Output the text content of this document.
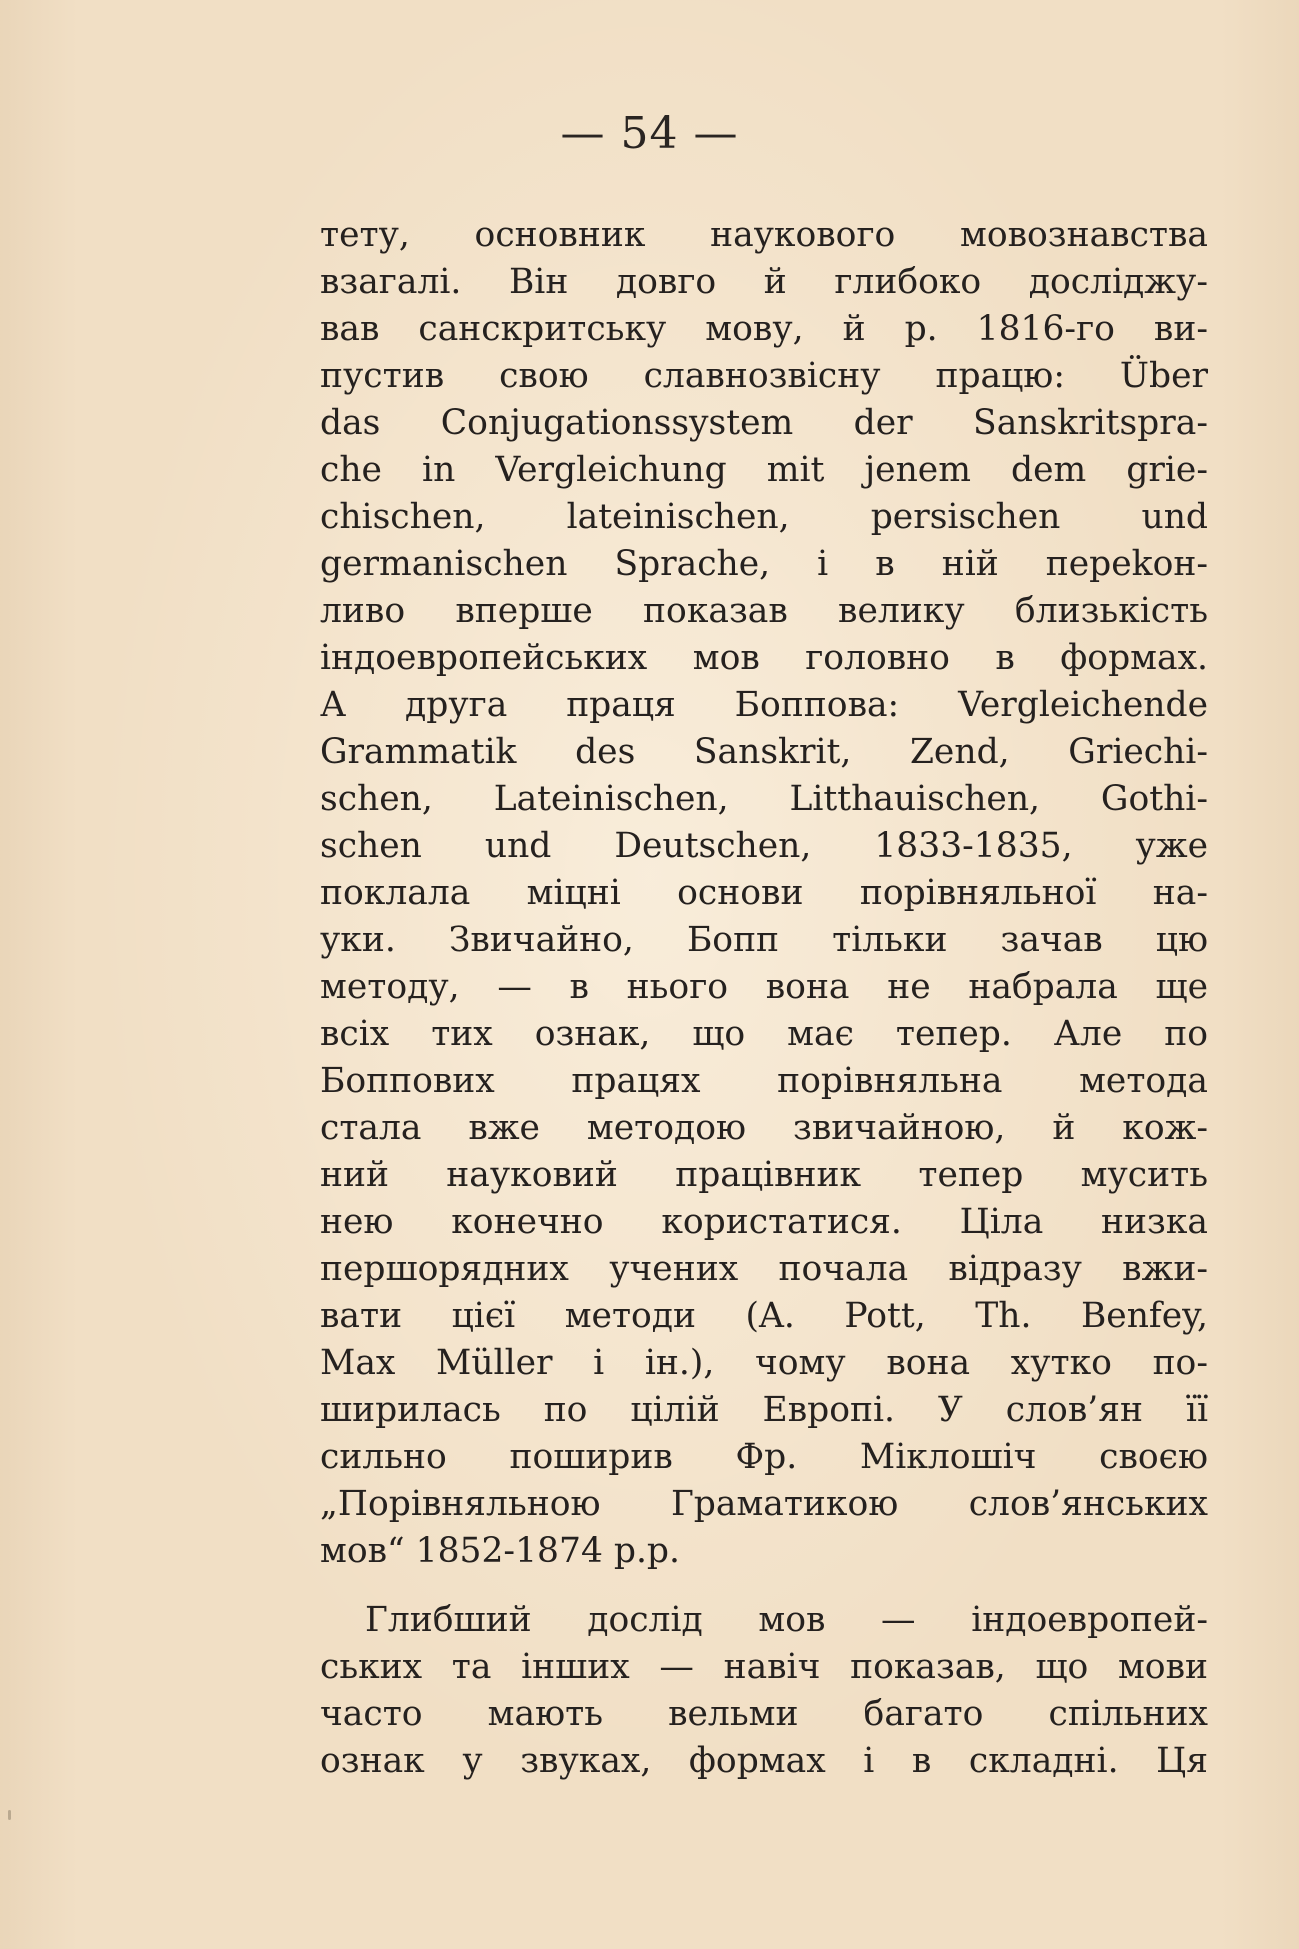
— 54 —
тету, основник наукового мовознавства
взагалі. Він довго й глибоко досліджу-
вав санскритську мову, й р. 1816-го ви-
пустив свою славнозвісну працю: Über
das Conjugationssystem der Sanskritspra-
che in Vergleichung mit jenem dem grie-
chischen, lateinischen, persischen und
germanischen Sprache, і в ній переkон-
ливо вперше показав велику близькість
індоевропейських мов головно в формах.
А друга праця Боппова: Vergleichende
Grammatik des Sanskrit, Zend, Griechi-
schen, Lateinischen, Litthauischen, Gothi-
schen und Deutschen, 1833-1835, уже
поклала міцні основи порівняльної на-
уки. Звичайно, Бопп тільки зачав цю
методу, — в нього вона не набрала ще
всіх тих ознак, що має тепер. Але по
Бопповиx працях порівняльна метода
стала вже методою звичайною, й кож-
ний науковий працівник тепер мусить
нею конечно користатися. Ціла низка
першорядних учених почала відразу вжи-
вати цієї методи (A. Pott, Th. Benfey,
Max Müller і ін.), чому вона хутко по-
ширилась по цілій Европі. У слов’ян її
сильно поширив Фр. Міклошіч своєю
„Порівняльною Граматикою слов’янських
мов“ 1852-1874 р.р.
Глибший дослід мов — індоевропей-
ських та інших — навіч показав, що мови
часто мають вельми багато спільних
ознак у звуках, формах і в складні. Ця
